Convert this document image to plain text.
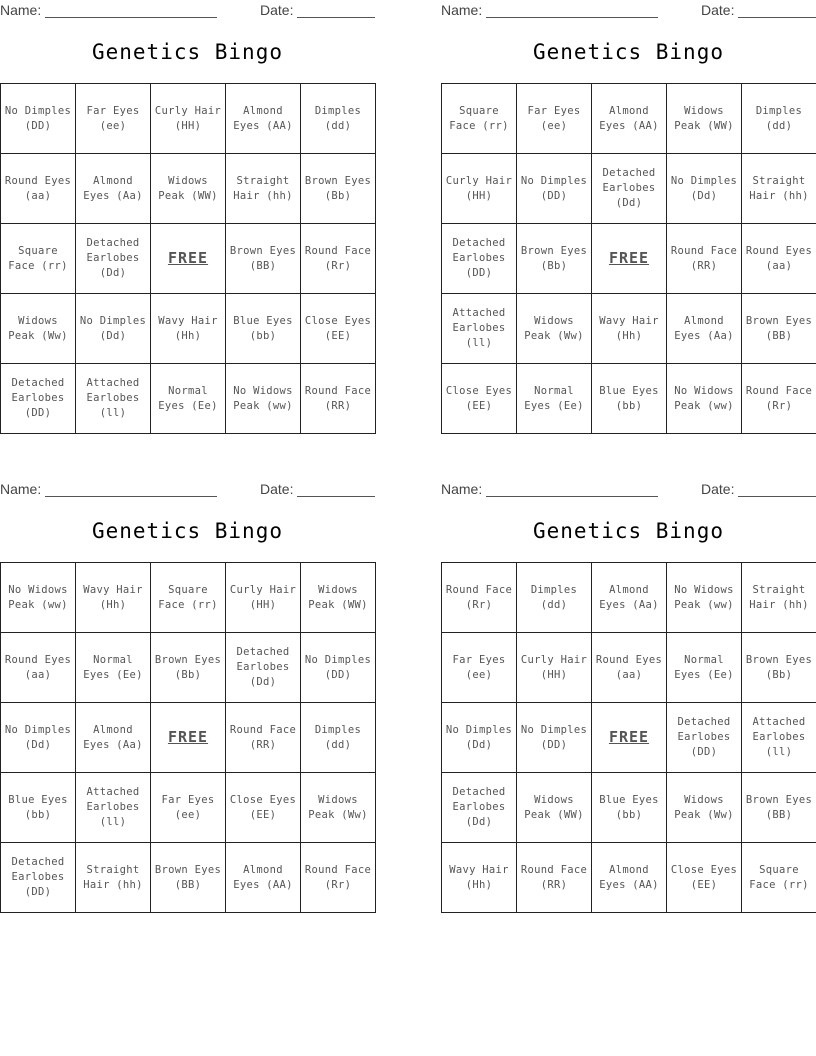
Name:	Date:
Genetics Bingo
No Dimples (DD)	Far Eyes (ee)	Curly Hair (HH)	Almond Eyes (AA)	Dimples (dd)
Round Eyes (aa)	Almond Eyes (Aa)	Widows Peak (WW)	Straight Hair (hh)	Brown Eyes (Bb)
Square Face (rr)	Detached Earlobes (Dd)	FREE	Brown Eyes (BB)	Round Face (Rr)
Widows Peak (Ww)	No Dimples (Dd)	Wavy Hair (Hh)	Blue Eyes (bb)	Close Eyes (EE)
Detached Earlobes (DD)	Attached Earlobes (ll)	Normal Eyes (Ee)	No Widows Peak (ww)	Round Face (RR)
Name:	Date:
Genetics Bingo
Square Face (rr)	Far Eyes (ee)	Almond Eyes (AA)	Widows Peak (WW)	Dimples (dd)
Curly Hair (HH)	No Dimples (DD)	Detached Earlobes (Dd)	No Dimples (Dd)	Straight Hair (hh)
Detached Earlobes (DD)	Brown Eyes (Bb)	FREE	Round Face (RR)	Round Eyes (aa)
Attached Earlobes (ll)	Widows Peak (Ww)	Wavy Hair (Hh)	Almond Eyes (Aa)	Brown Eyes (BB)
Close Eyes (EE)	Normal Eyes (Ee)	Blue Eyes (bb)	No Widows Peak (ww)	Round Face (Rr)
Name:	Date:
Genetics Bingo
No Widows Peak (ww)	Wavy Hair (Hh)	Square Face (rr)	Curly Hair (HH)	Widows Peak (WW)
Round Eyes (aa)	Normal Eyes (Ee)	Brown Eyes (Bb)	Detached Earlobes (Dd)	No Dimples (DD)
No Dimples (Dd)	Almond Eyes (Aa)	FREE	Round Face (RR)	Dimples (dd)
Blue Eyes (bb)	Attached Earlobes (ll)	Far Eyes (ee)	Close Eyes (EE)	Widows Peak (Ww)
Detached Earlobes (DD)	Straight Hair (hh)	Brown Eyes (BB)	Almond Eyes (AA)	Round Face (Rr)
Name:	Date:
Genetics Bingo
Round Face (Rr)	Dimples (dd)	Almond Eyes (Aa)	No Widows Peak (ww)	Straight Hair (hh)
Far Eyes (ee)	Curly Hair (HH)	Round Eyes (aa)	Normal Eyes (Ee)	Brown Eyes (Bb)
No Dimples (Dd)	No Dimples (DD)	FREE	Detached Earlobes (DD)	Attached Earlobes (ll)
Detached Earlobes (Dd)	Widows Peak (WW)	Blue Eyes (bb)	Widows Peak (Ww)	Brown Eyes (BB)
Wavy Hair (Hh)	Round Face (RR)	Almond Eyes (AA)	Close Eyes (EE)	Square Face (rr)
